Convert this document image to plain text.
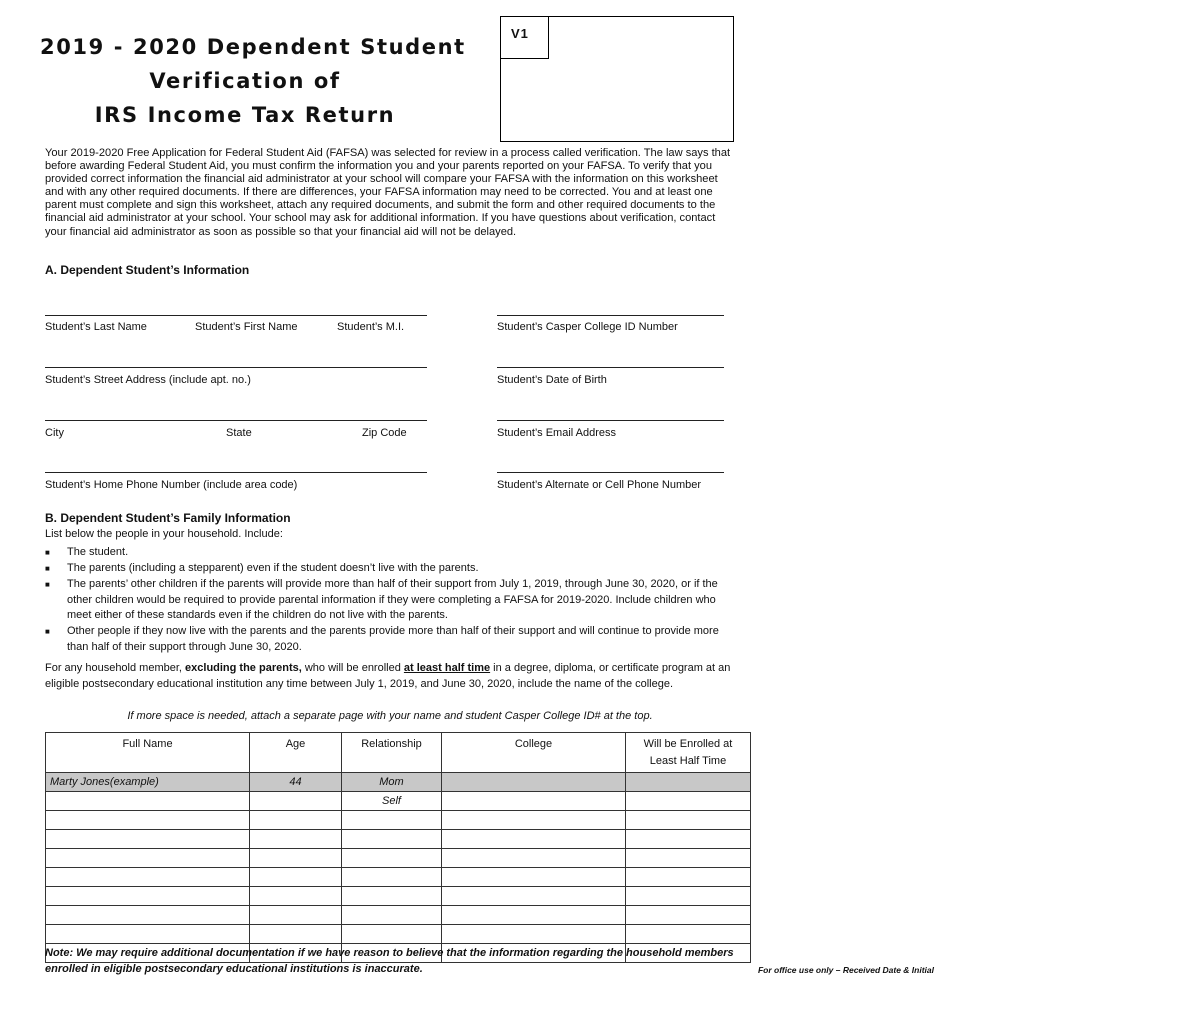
2019 - 2020 Dependent Student
Verification of
IRS Income Tax Return
V1
For office use only – Received Date & Initial
Your 2019-2020 Free Application for Federal Student Aid (FAFSA) was selected for review in a process called verification. The law says that before awarding Federal Student Aid, you must confirm the information you and your parents reported on your FAFSA. To verify that you provided correct information the financial aid administrator at your school will compare your FAFSA with the information on this worksheet and with any other required documents. If there are differences, your FAFSA information may need to be corrected. You and at least one parent must complete and sign this worksheet, attach any required documents, and submit the form and other required documents to the financial aid administrator at your school. Your school may ask for additional information. If you have questions about verification, contact your financial aid administrator as soon as possible so that your financial aid will not be delayed.
A. Dependent Student’s Information
Student’s Last Name	Student’s First Name	Student’s M.I.	Student’s Casper College ID Number
Student’s Street Address (include apt. no.)	Student’s Date of Birth
City	State	Zip Code	Student’s Email Address
Student’s Home Phone Number (include area code)	Student’s Alternate or Cell Phone Number
B. Dependent Student’s Family Information
List below the people in your household. Include:
■ The student.
■ The parents (including a stepparent) even if the student doesn’t live with the parents.
■ The parents’ other children if the parents will provide more than half of their support from July 1, 2019, through June 30, 2020, or if the other children would be required to provide parental information if they were completing a FAFSA for 2019-2020. Include children who meet either of these standards even if the children do not live with the parents.
■ Other people if they now live with the parents and the parents provide more than half of their support and will continue to provide more than half of their support through June 30, 2020.
For any household member, excluding the parents, who will be enrolled at least half time in a degree, diploma, or certificate program at an eligible postsecondary educational institution any time between July 1, 2019, and June 30, 2020, include the name of the college.
If more space is needed, attach a separate page with your name and student Casper College ID# at the top.
Full Name	Age	Relationship	College	Will be Enrolled at Least Half Time
Marty Jones(example)	44	Mom		
		Self		

Note: We may require additional documentation if we have reason to believe that the information regarding the household members enrolled in eligible postsecondary educational institutions is inaccurate.
